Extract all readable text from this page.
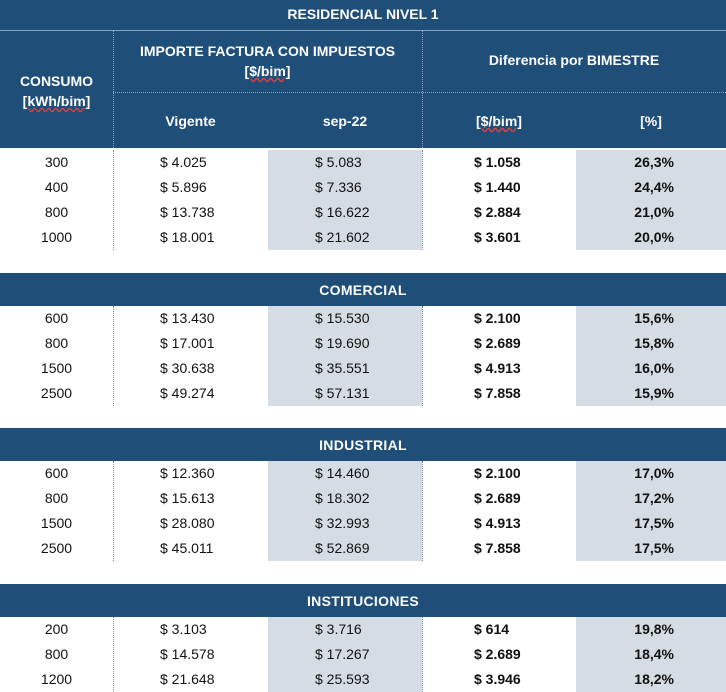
RESIDENCIAL NIVEL 1
CONSUMO
[kWh/bim]
IMPORTE FACTURA CON IMPUESTOS
[$/bim]
Diferencia por BIMESTRE
Vigente	sep-22	[$/bim]	[%]
300	$ 4.025	$ 5.083	$ 1.058	26,3%
400	$ 5.896	$ 7.336	$ 1.440	24,4%
800	$ 13.738	$ 16.622	$ 2.884	21,0%
1000	$ 18.001	$ 21.602	$ 3.601	20,0%
COMERCIAL
600	$ 13.430	$ 15.530	$ 2.100	15,6%
800	$ 17.001	$ 19.690	$ 2.689	15,8%
1500	$ 30.638	$ 35.551	$ 4.913	16,0%
2500	$ 49.274	$ 57.131	$ 7.858	15,9%
INDUSTRIAL
600	$ 12.360	$ 14.460	$ 2.100	17,0%
800	$ 15.613	$ 18.302	$ 2.689	17,2%
1500	$ 28.080	$ 32.993	$ 4.913	17,5%
2500	$ 45.011	$ 52.869	$ 7.858	17,5%
INSTITUCIONES
200	$ 3.103	$ 3.716	$ 614	19,8%
800	$ 14.578	$ 17.267	$ 2.689	18,4%
1200	$ 21.648	$ 25.593	$ 3.946	18,2%
